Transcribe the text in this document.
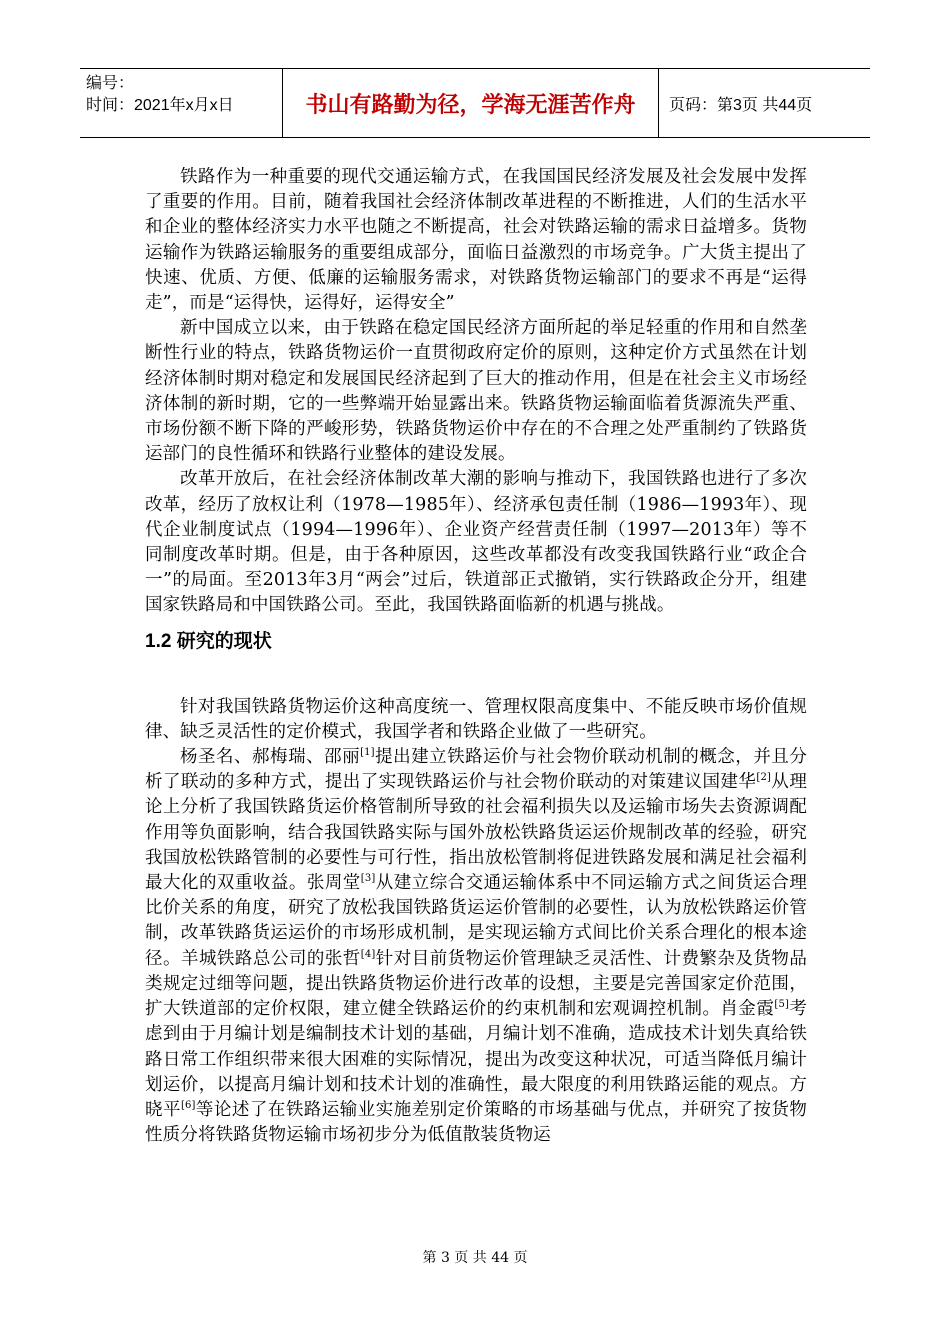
编号：
时间：2021年x月x日	书山有路勤为径，学海无涯苦作舟	页码：第3页 共44页

铁路作为一种重要的现代交通运输方式，在我国国民经济发展及社会发展中发挥了重要的作用。目前，随着我国社会经济体制改革进程的不断推进，人们的生活水平和企业的整体经济实力水平也随之不断提高，社会对铁路运输的需求日益增多。货物运输作为铁路运输服务的重要组成部分，面临日益激烈的市场竞争。广大货主提出了快速、优质、方便、低廉的运输服务需求，对铁路货物运输部门的要求不再是“运得走”，而是“运得快，运得好，运得安全”

新中国成立以来，由于铁路在稳定国民经济方面所起的举足轻重的作用和自然垄断性行业的特点，铁路货物运价一直贯彻政府定价的原则，这种定价方式虽然在计划经济体制时期对稳定和发展国民经济起到了巨大的推动作用，但是在社会主义市场经济体制的新时期，它的一些弊端开始显露出来。铁路货物运输面临着货源流失严重、市场份额不断下降的严峻形势，铁路货物运价中存在的不合理之处严重制约了铁路货运部门的良性循环和铁路行业整体的建设发展。

改革开放后，在社会经济体制改革大潮的影响与推动下，我国铁路也进行了多次改革，经历了放权让利（1978—1985年）、经济承包责任制（1986—1993年）、现代企业制度试点（1994—1996年）、企业资产经营责任制（1997—2013年）等不同制度改革时期。但是，由于各种原因，这些改革都没有改变我国铁路行业“政企合一”的局面。至2013年3月“两会”过后，铁道部正式撤销，实行铁路政企分开，组建国家铁路局和中国铁路公司。至此，我国铁路面临新的机遇与挑战。

1.2 研究的现状

针对我国铁路货物运价这种高度统一、管理权限高度集中、不能反映市场价值规律、缺乏灵活性的定价模式，我国学者和铁路企业做了一些研究。

杨圣名、郝梅瑞、邵丽[1]提出建立铁路运价与社会物价联动机制的概念，并且分析了联动的多种方式，提出了实现铁路运价与社会物价联动的对策建议国建华[2]从理论上分析了我国铁路货运价格管制所导致的社会福利损失以及运输市场失去资源调配作用等负面影响，结合我国铁路实际与国外放松铁路货运运价规制改革的经验，研究我国放松铁路管制的必要性与可行性，指出放松管制将促进铁路发展和满足社会福利最大化的双重收益。张周堂[3]从建立综合交通运输体系中不同运输方式之间货运合理比价关系的角度，研究了放松我国铁路货运运价管制的必要性，认为放松铁路运价管制，改革铁路货运运价的市场形成机制，是实现运输方式间比价关系合理化的根本途径。羊城铁路总公司的张哲[4]针对目前货物运价管理缺乏灵活性、计费繁杂及货物品类规定过细等问题，提出铁路货物运价进行改革的设想，主要是完善国家定价范围，扩大铁道部的定价权限，建立健全铁路运价的约束机制和宏观调控机制。肖金霞[5]考虑到由于月编计划是编制技术计划的基础，月编计划不准确，造成技术计划失真给铁路日常工作组织带来很大困难的实际情况，提出为改变这种状况，可适当降低月编计划运价，以提高月编计划和技术计划的准确性，最大限度的利用铁路运能的观点。方晓平[6]等论述了在铁路运输业实施差别定价策略的市场基础与优点，并研究了按货物性质分将铁路货物运输市场初步分为低值散装货物运

第 3 页 共 44 页
